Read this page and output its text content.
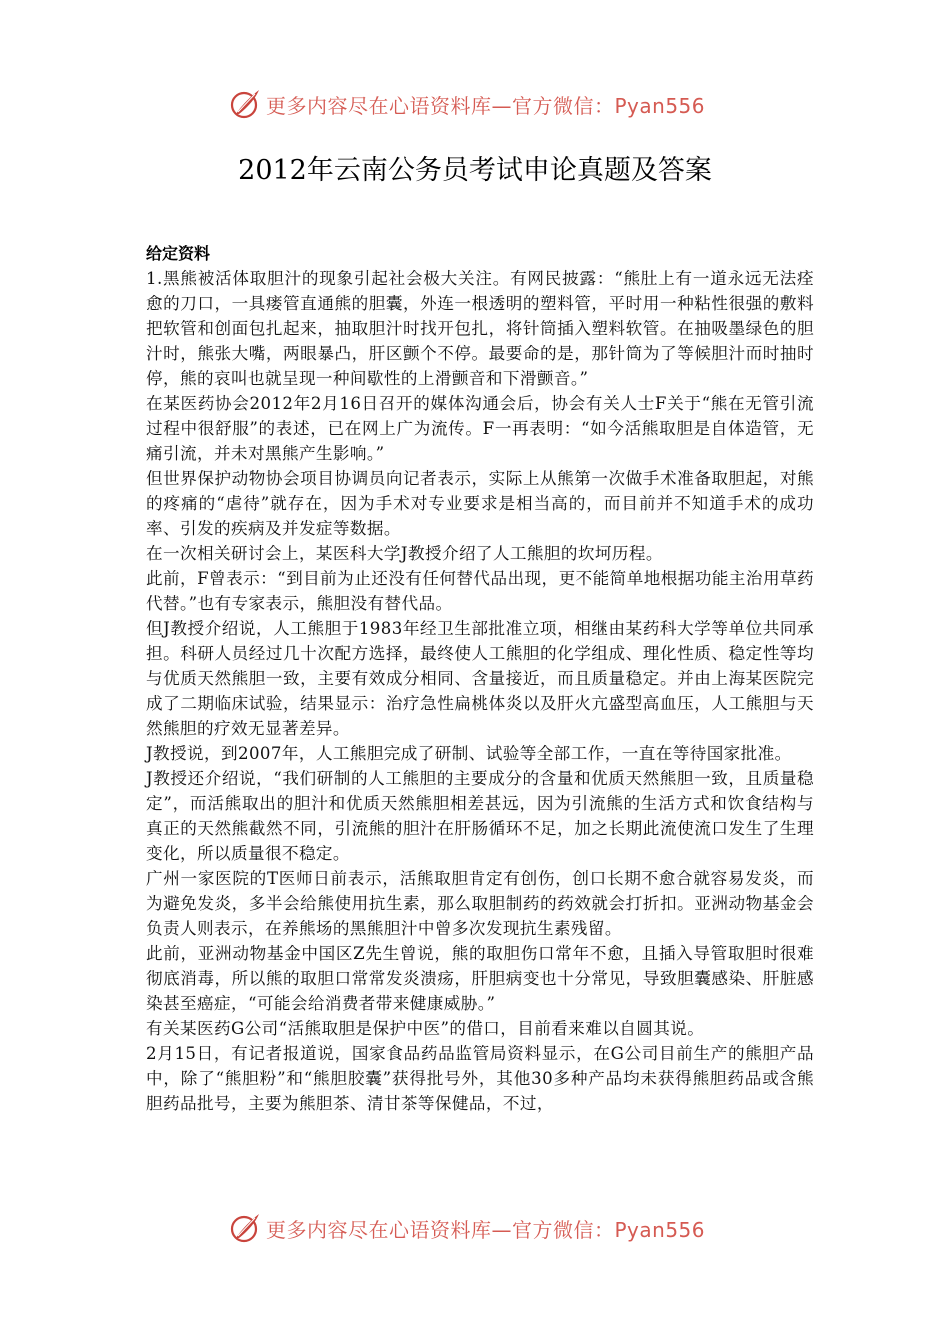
更多内容尽在心语资料库—官方微信：Pyan556
2012年云南公务员考试申论真题及答案
给定资料

1.黑熊被活体取胆汁的现象引起社会极大关注。有网民披露：“熊肚上有一道永远无法痊愈的刀口，一具瘘管直通熊的胆囊，外连一根透明的塑料管，平时用一种粘性很强的敷料把软管和创面包扎起来，抽取胆汁时找开包扎，将针筒插入塑料软管。在抽吸墨绿色的胆汁时，熊张大嘴，两眼暴凸，肝区颤个不停。最要命的是，那针筒为了等候胆汁而时抽时停，熊的哀叫也就呈现一种间歇性的上滑颤音和下滑颤音。”

在某医药协会2012年2月16日召开的媒体沟通会后，协会有关人士F关于“熊在无管引流过程中很舒服”的表述，已在网上广为流传。F一再表明：“如今活熊取胆是自体造管，无痛引流，并未对黑熊产生影响。”

但世界保护动物协会项目协调员向记者表示，实际上从熊第一次做手术准备取胆起，对熊的疼痛的“虐待”就存在，因为手术对专业要求是相当高的，而目前并不知道手术的成功率、引发的疾病及并发症等数据。

在一次相关研讨会上，某医科大学J教授介绍了人工熊胆的坎坷历程。

此前，F曾表示：“到目前为止还没有任何替代品出现，更不能简单地根据功能主治用草药代替。”也有专家表示，熊胆没有替代品。

但J教授介绍说，人工熊胆于1983年经卫生部批准立项，相继由某药科大学等单位共同承担。科研人员经过几十次配方选择，最终使人工熊胆的化学组成、理化性质、稳定性等均与优质天然熊胆一致，主要有效成分相同、含量接近，而且质量稳定。并由上海某医院完成了二期临床试验，结果显示：治疗急性扁桃体炎以及肝火亢盛型高血压，人工熊胆与天然熊胆的疗效无显著差异。

J教授说，到2007年，人工熊胆完成了研制、试验等全部工作，一直在等待国家批准。

J教授还介绍说，“我们研制的人工熊胆的主要成分的含量和优质天然熊胆一致，且质量稳定”，而活熊取出的胆汁和优质天然熊胆相差甚远，因为引流熊的生活方式和饮食结构与真正的天然熊截然不同，引流熊的胆汁在肝肠循环不足，加之长期此流使流口发生了生理变化，所以质量很不稳定。

广州一家医院的T医师日前表示，活熊取胆肯定有创伤，创口长期不愈合就容易发炎，而为避免发炎，多半会给熊使用抗生素，那么取胆制药的药效就会打折扣。亚洲动物基金会负责人则表示，在养熊场的黑熊胆汁中曾多次发现抗生素残留。

此前，亚洲动物基金中国区Z先生曾说，熊的取胆伤口常年不愈，且插入导管取胆时很难彻底消毒，所以熊的取胆口常常发炎溃疡，肝胆病变也十分常见，导致胆囊感染、肝脏感染甚至癌症，“可能会给消费者带来健康威胁。”

有关某医药G公司“活熊取胆是保护中医”的借口，目前看来难以自圆其说。

2月15日，有记者报道说，国家食品药品监管局资料显示，在G公司目前生产的熊胆产品中，除了“熊胆粉”和“熊胆胶囊”获得批号外，其他30多种产品均未获得熊胆药品或含熊胆药品批号，主要为熊胆茶、清甘茶等保健品，不过，

更多内容尽在心语资料库—官方微信：Pyan556
